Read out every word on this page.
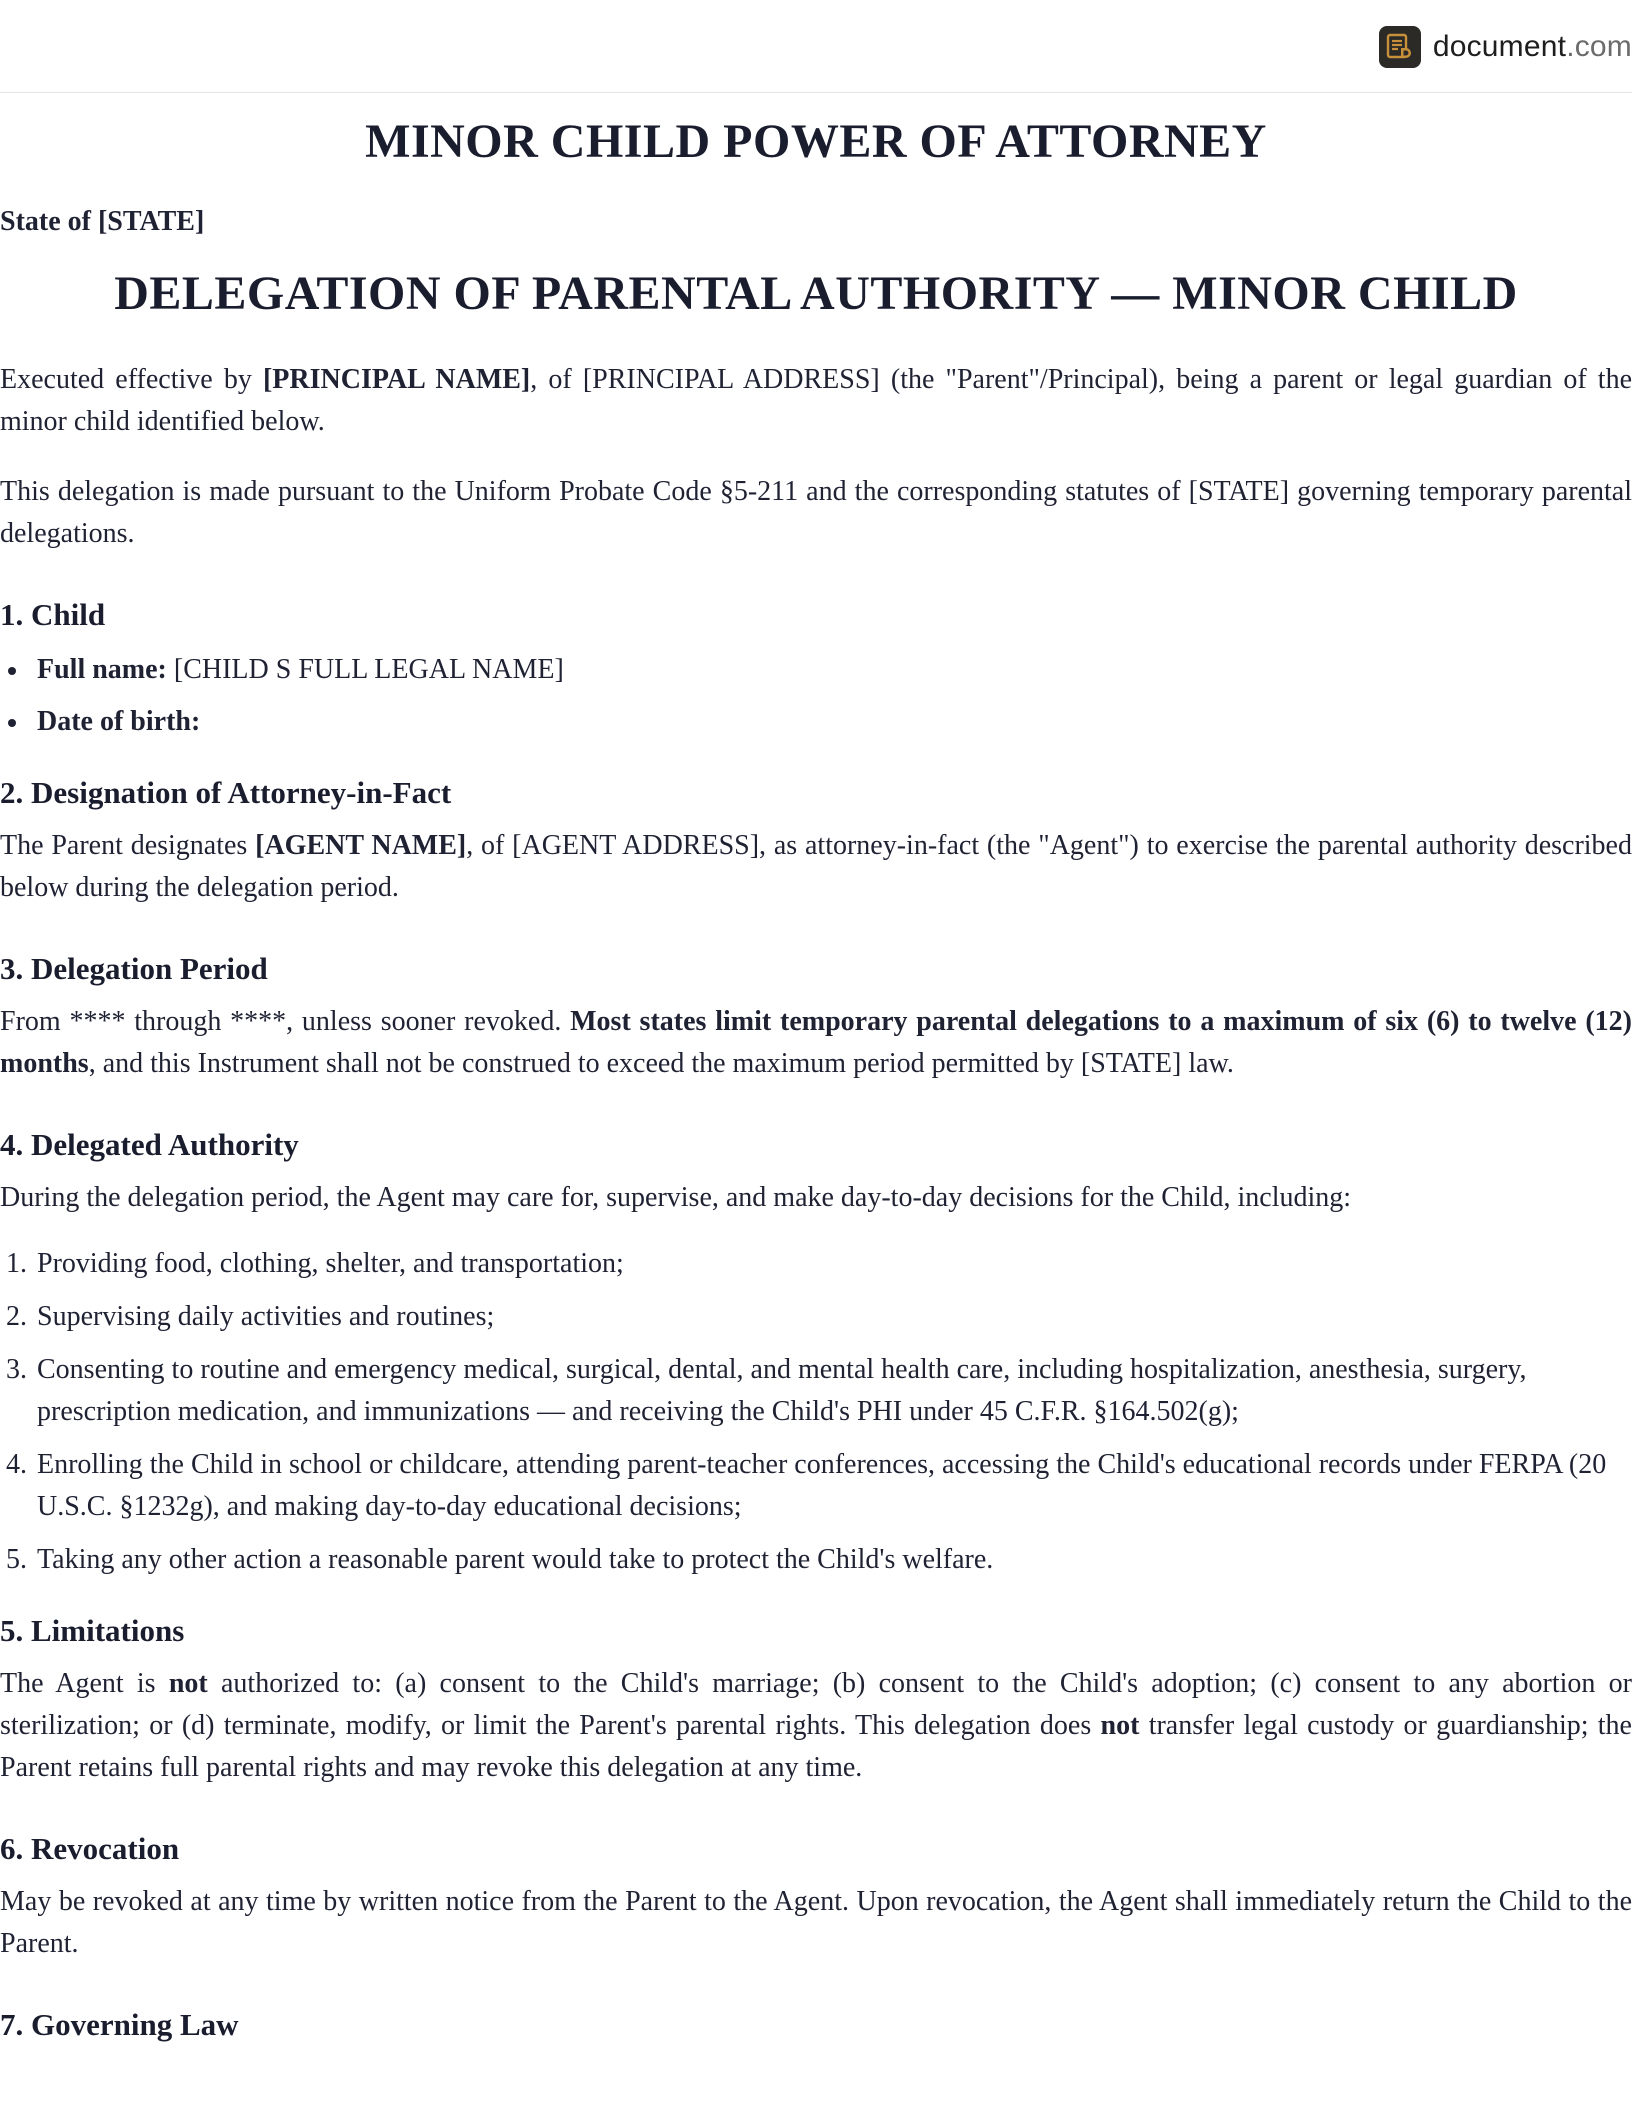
document.com
MINOR CHILD POWER OF ATTORNEY
State of [STATE]
DELEGATION OF PARENTAL AUTHORITY — MINOR CHILD

Executed effective by [PRINCIPAL NAME], of [PRINCIPAL ADDRESS] (the "Parent"/Principal), being a parent or legal guardian of the minor child identified below.

This delegation is made pursuant to the Uniform Probate Code §5-211 and the corresponding statutes of [STATE] governing temporary parental delegations.

1. Child
Full name: [CHILD S FULL LEGAL NAME]
Date of birth:
2. Designation of Attorney-in-Fact

The Parent designates [AGENT NAME], of [AGENT ADDRESS], as attorney-in-fact (the "Agent") to exercise the parental authority described below during the delegation period.

3. Delegation Period

From **** through ****, unless sooner revoked. Most states limit temporary parental delegations to a maximum of six (6) to twelve (12) months, and this Instrument shall not be construed to exceed the maximum period permitted by [STATE] law.

4. Delegated Authority

During the delegation period, the Agent may care for, supervise, and make day-to-day decisions for the Child, including:

1. Providing food, clothing, shelter, and transportation;
2. Supervising daily activities and routines;
3. Consenting to routine and emergency medical, surgical, dental, and mental health care, including hospitalization, anesthesia, surgery, prescription medication, and immunizations — and receiving the Child's PHI under 45 C.F.R. §164.502(g);
4. Enrolling the Child in school or childcare, attending parent-teacher conferences, accessing the Child's educational records under FERPA (20 U.S.C. §1232g), and making day-to-day educational decisions;
5. Taking any other action a reasonable parent would take to protect the Child's welfare.
5. Limitations

The Agent is not authorized to: (a) consent to the Child's marriage; (b) consent to the Child's adoption; (c) consent to any abortion or sterilization; or (d) terminate, modify, or limit the Parent's parental rights. This delegation does not transfer legal custody or guardianship; the Parent retains full parental rights and may revoke this delegation at any time.

6. Revocation

May be revoked at any time by written notice from the Parent to the Agent. Upon revocation, the Agent shall immediately return the Child to the Parent.

7. Governing Law
